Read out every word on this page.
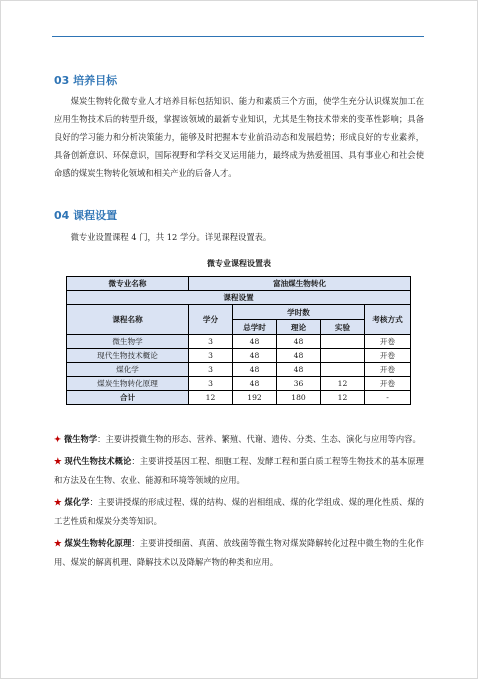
03 培养目标

煤炭生物转化微专业人才培养目标包括知识、能力和素质三个方面，使学生充分认识煤炭加工在应用生物技术后的转型升级，掌握该领域的最新专业知识，尤其是生物技术带来的变革性影响；具备良好的学习能力和分析决策能力，能够及时把握本专业前沿动态和发展趋势；形成良好的专业素养，具备创新意识、环保意识，国际视野和学科交叉运用能力，最终成为热爱祖国、具有事业心和社会使命感的煤炭生物转化领域和相关产业的后备人才。

04 课程设置

微专业设置课程 4 门，共 12 学分。详见课程设置表。

微专业课程设置表
微专业名称	富油煤生物转化				
课程设置					
课程名称	学分	学时数			考核方式
		总学时	理论	实验	
微生物学	3	48	48		开卷
现代生物技术概论	3	48	48		开卷
煤化学	3	48	48		开卷
煤炭生物转化原理	3	48	36	12	开卷
合计	12	192	180	12	-

✦ 微生物学：主要讲授微生物的形态、营养、繁殖、代谢、遗传、分类、生态、演化与应用等内容。

★ 现代生物技术概论：主要讲授基因工程、细胞工程、发酵工程和蛋白质工程等生物技术的基本原理和方法及在生物、农业、能源和环境等领域的应用。

★ 煤化学：主要讲授煤的形成过程、煤的结构、煤的岩相组成、煤的化学组成、煤的理化性质、煤的工艺性质和煤炭分类等知识。

★ 煤炭生物转化原理：主要讲授细菌、真菌、放线菌等微生物对煤炭降解转化过程中微生物的生化作用、煤炭的解离机理、降解技术以及降解产物的种类和应用。
